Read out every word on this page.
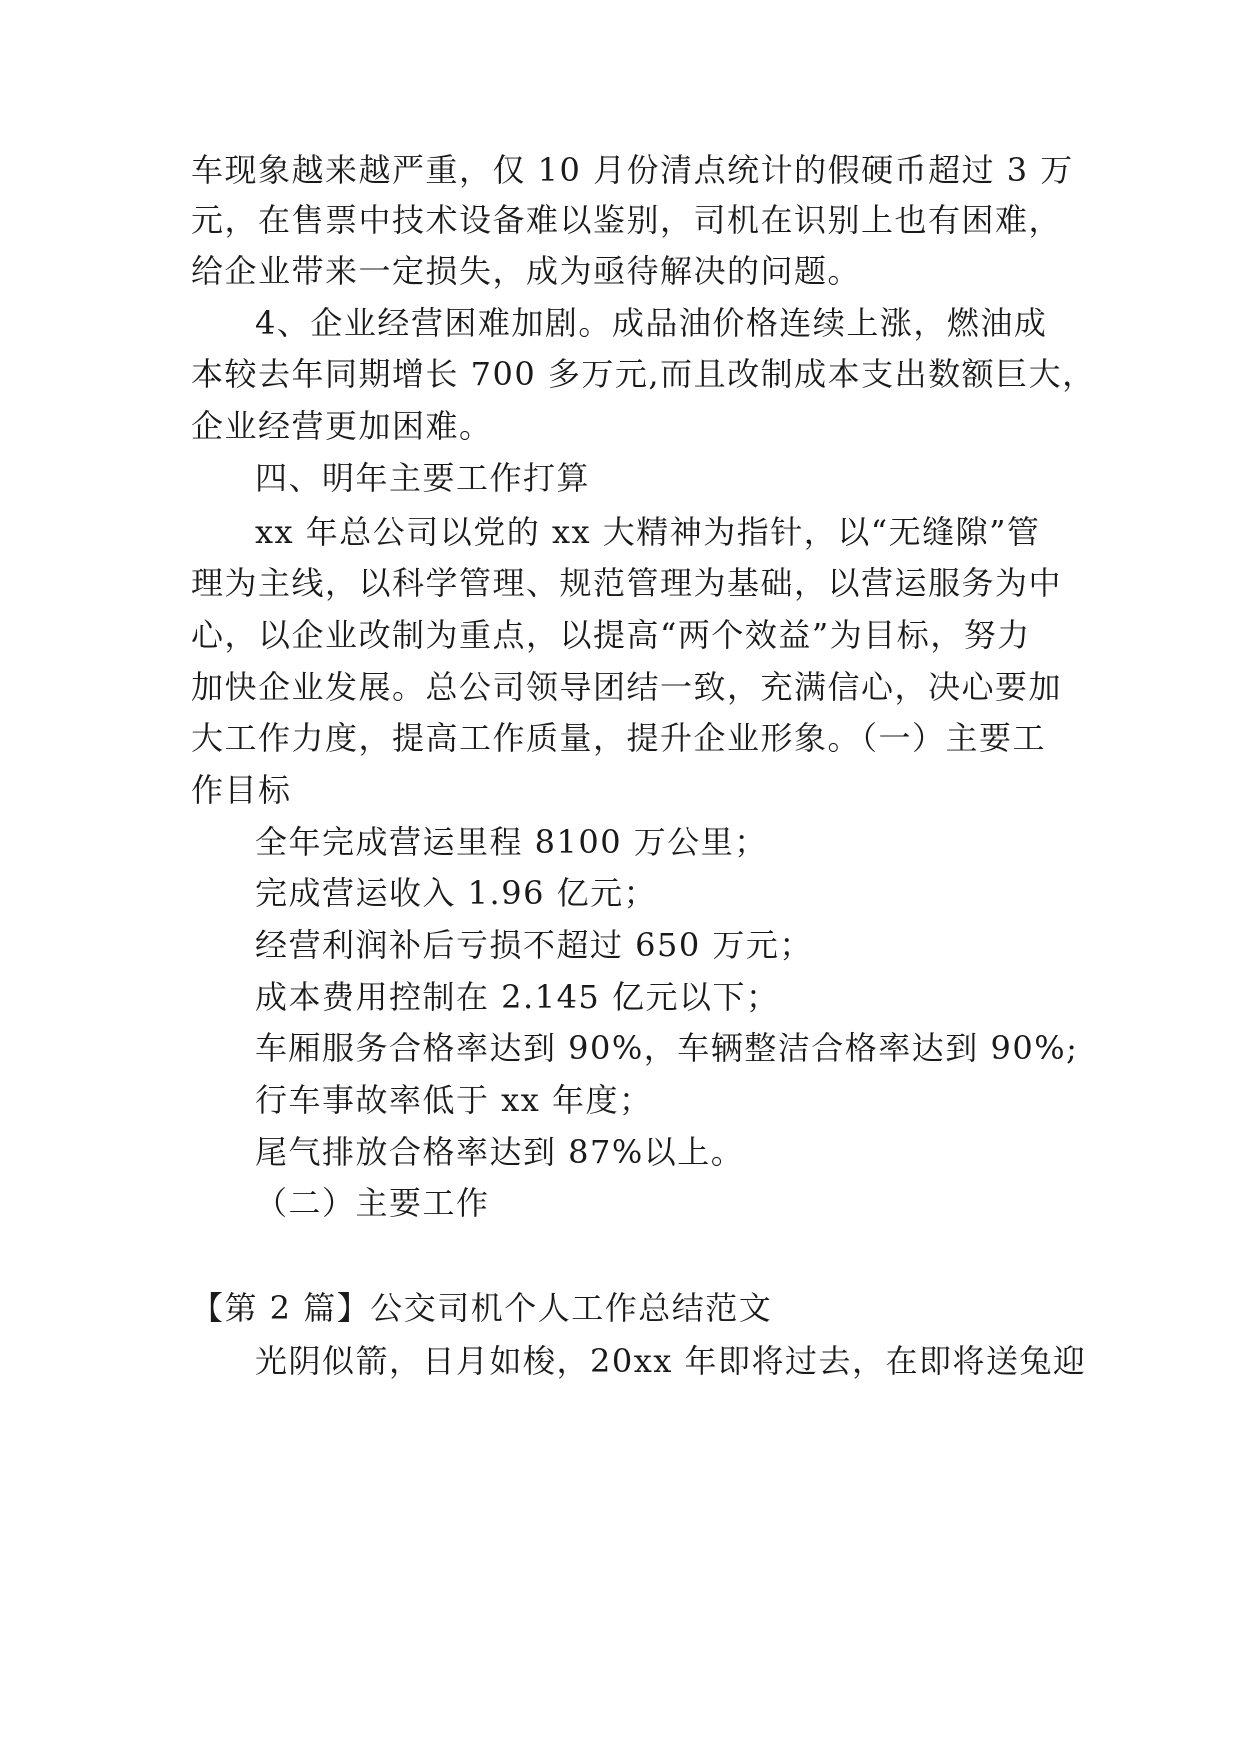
车现象越来越严重，仅 10 月份清点统计的假硬币超过 3 万
元，在售票中技术设备难以鉴别，司机在识别上也有困难，
给企业带来一定损失，成为亟待解决的问题。
4、企业经营困难加剧。成品油价格连续上涨，燃油成
本较去年同期增长 700 多万元,而且改制成本支出数额巨大，
企业经营更加困难。
四、明年主要工作打算
xx 年总公司以党的 xx 大精神为指针，以“无缝隙”管
理为主线，以科学管理、规范管理为基础，以营运服务为中
心，以企业改制为重点，以提高“两个效益”为目标，努力
加快企业发展。总公司领导团结一致，充满信心，决心要加
大工作力度，提高工作质量，提升企业形象。（一）主要工
作目标
全年完成营运里程 8100 万公里；
完成营运收入 1.96 亿元；
经营利润补后亏损不超过 650 万元；
成本费用控制在 2.145 亿元以下；
车厢服务合格率达到 90%，车辆整洁合格率达到 90%;
行车事故率低于 xx 年度；
尾气排放合格率达到 87%以上。
（二）主要工作
【第 2 篇】公交司机个人工作总结范文
光阴似箭，日月如梭，20xx 年即将过去，在即将送兔迎
